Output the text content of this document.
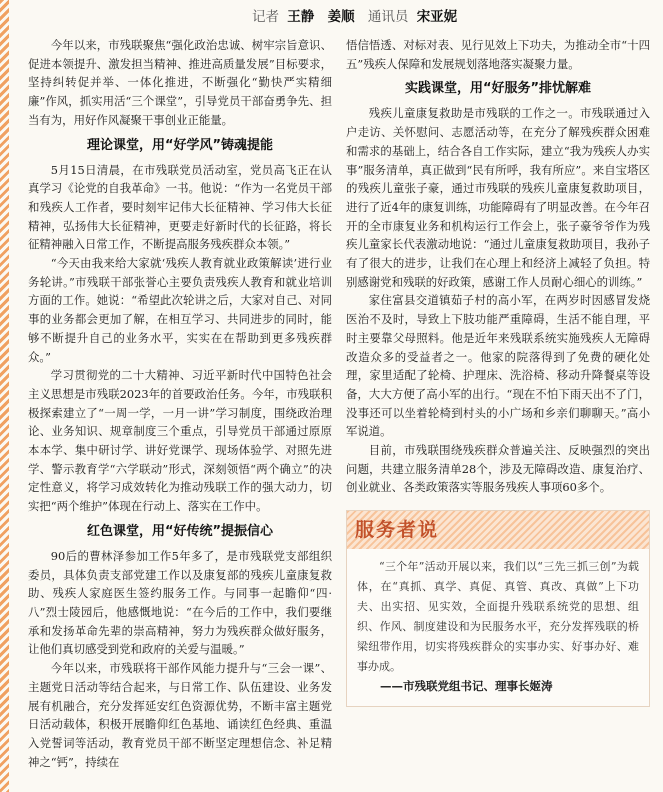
记者 王静 姜顺 通讯员 宋亚妮

今年以来，市残联聚焦“强化政治忠诚、树牢宗旨意识、促进本领提升、激发担当精神、推进高质量发展”目标要求，坚持纠转促并举、一体化推进，不断强化“勤快严实精细廉”作风，抓实用活“三个课堂”，引导党员干部奋勇争先、担当有为，用好作风凝聚干事创业正能量。

理论课堂，用“好学风”铸魂提能

5月15日清晨，在市残联党员活动室，党员高飞正在认真学习《论党的自我革命》一书。他说：“作为一名党员干部和残疾人工作者，要时刻牢记伟大长征精神、学习伟大长征精神，弘扬伟大长征精神，更要走好新时代的长征路，将长征精神融入日常工作，不断提高服务残疾群众本领。”

“今天由我来给大家就‘残疾人教育就业政策解读’进行业务轮讲。”市残联干部张誉心主要负责残疾人教育和就业培训方面的工作。她说：“希望此次轮讲之后，大家对自己、对同事的业务都会更加了解，在相互学习、共同进步的同时，能够不断提升自己的业务水平，实实在在帮助到更多残疾群众。”

学习贯彻党的二十大精神、习近平新时代中国特色社会主义思想是市残联2023年的首要政治任务。今年，市残联积极探索建立了“一周一学，一月一讲”学习制度，围绕政治理论、业务知识、规章制度三个重点，引导党员干部通过原原本本学、集中研讨学、讲好党课学、现场体验学、对照先进学、警示教育学“六学联动”形式，深刻领悟“两个确立”的决定性意义，将学习成效转化为推动残联工作的强大动力，切实把“两个维护”体现在行动上、落实在工作中。

红色课堂，用“好传统”提振信心

90后的曹林泽参加工作5年多了，是市残联党支部组织委员，具体负责支部党建工作以及康复部的残疾儿童康复救助、残疾人家庭医生签约服务工作。与同事一起瞻仰“四·八”烈士陵园后，他感慨地说：“在今后的工作中，我们要继承和发扬革命先辈的崇高精神，努力为残疾群众做好服务，让他们真切感受到党和政府的关爱与温暖。”

今年以来，市残联将干部作风能力提升与“三会一课”、主题党日活动等结合起来，与日常工作、队伍建设、业务发展有机融合，充分发挥延安红色资源优势，不断丰富主题党日活动载体，积极开展瞻仰红色基地、诵读红色经典、重温入党誓词等活动，教育党员干部不断坚定理想信念、补足精神之“钙”，持续在

悟信悟透、对标对表、见行见效上下功夫，为推动全市“十四五”残疾人保障和发展规划落地落实凝聚力量。

实践课堂，用“好服务”排忧解难

残疾儿童康复救助是市残联的工作之一。市残联通过入户走访、关怀慰问、志愿活动等，在充分了解残疾群众困难和需求的基础上，结合各自工作实际，建立“我为残疾人办实事”服务清单，真正做到“民有所呼，我有所应”。来自宝塔区的残疾儿童张子豪，通过市残联的残疾儿童康复救助项目，进行了近4年的康复训练，功能障碍有了明显改善。在今年召开的全市康复业务和机构运行工作会上，张子豪爷爷作为残疾儿童家长代表激动地说：“通过儿童康复救助项目，我孙子有了很大的进步，让我们在心理上和经济上减轻了负担。特别感谢党和残联的好政策，感谢工作人员耐心细心的训练。”

家住富县交道镇茹子村的高小军，在两岁时因感冒发烧医治不及时，导致上下肢功能严重障碍，生活不能自理，平时主要靠父母照料。他是近年来残联系统实施残疾人无障碍改造众多的受益者之一。他家的院落得到了免费的硬化处理，家里适配了轮椅、护理床、洗浴椅、移动升降餐桌等设备，大大方便了高小军的出行。“现在不怕下雨天出不了门，没事还可以坐着轮椅到村头的小广场和乡亲们聊聊天。”高小军说道。

目前，市残联围绕残疾群众普遍关注、反映强烈的突出问题，共建立服务清单28个，涉及无障碍改造、康复治疗、创业就业、各类政策落实等服务残疾人事项60多个。

服务者说

“三个年”活动开展以来，我们以“三先三抓三创”为载体，在“真抓、真学、真促、真管、真改、真做”上下功夫、出实招、见实效，全面提升残联系统党的思想、组织、作风、制度建设和为民服务水平，充分发挥残联的桥梁纽带作用，切实将残疾群众的实事办实、好事办好、难事办成。

——市残联党组书记、理事长姬涛
